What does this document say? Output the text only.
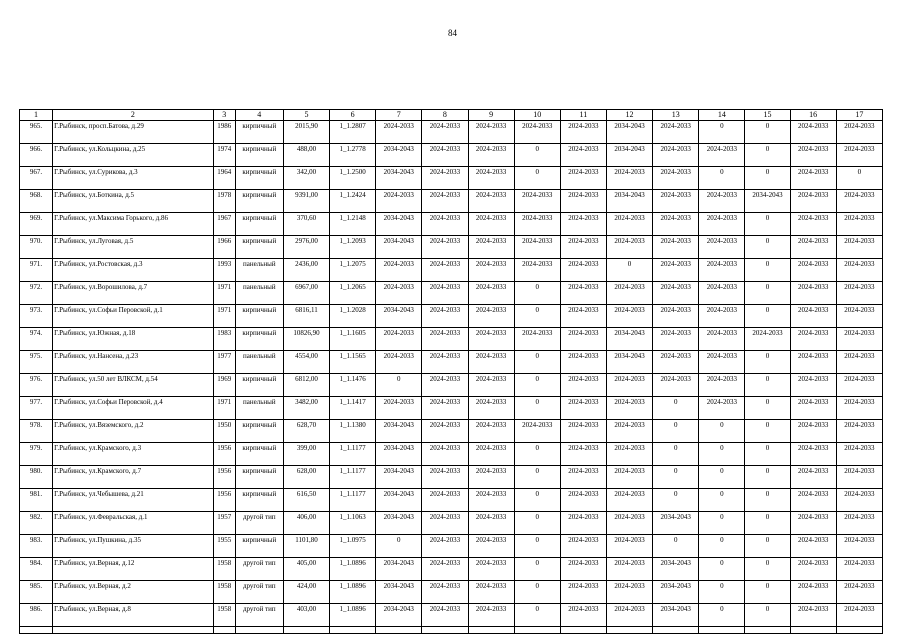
84
1	2	3	4	5	6	7	8	9	10	11	12	13	14	15	16	17
965.	Г.Рыбинск, просп.Батова, д.29	1986	кирпичный	2015,90	1_1.2807	2024-2033	2024-2033	2024-2033	2024-2033	2024-2033	2034-2043	2024-2033	0	0	2024-2033	2024-2033
966.	Г.Рыбинск, ул.Кольцкина, д.25	1974	кирпичный	488,00	1_1.2778	2034-2043	2024-2033	2024-2033	0	2024-2033	2034-2043	2024-2033	2024-2033	0	2024-2033	2024-2033
967.	Г.Рыбинск, ул.Сурикова, д.3	1964	кирпичный	342,00	1_1.2500	2034-2043	2024-2033	2024-2033	0	2024-2033	2024-2033	2024-2033	0	0	2024-2033	0
968.	Г.Рыбинск, ул.Боткина, д.5	1978	кирпичный	9391,00	1_1.2424	2024-2033	2024-2033	2024-2033	2024-2033	2024-2033	2034-2043	2024-2033	2024-2033	2034-2043	2024-2033	2024-2033
969.	Г.Рыбинск, ул.Максима Горького, д.86	1967	кирпичный	370,60	1_1.2148	2034-2043	2024-2033	2024-2033	2024-2033	2024-2033	2024-2033	2024-2033	2024-2033	0	2024-2033	2024-2033
970.	Г.Рыбинск, ул.Луговая, д.5	1966	кирпичный	2976,00	1_1.2093	2034-2043	2024-2033	2024-2033	2024-2033	2024-2033	2024-2033	2024-2033	2024-2033	0	2024-2033	2024-2033
971.	Г.Рыбинск, ул.Ростовская, д.3	1993	панельный	2436,00	1_1.2075	2024-2033	2024-2033	2024-2033	2024-2033	2024-2033	0	2024-2033	2024-2033	0	2024-2033	2024-2033
972.	Г.Рыбинск, ул.Ворошилова, д.7	1971	панельный	6967,00	1_1.2065	2024-2033	2024-2033	2024-2033	0	2024-2033	2024-2033	2024-2033	2024-2033	0	2024-2033	2024-2033
973.	Г.Рыбинск, ул.Софьи Перовской, д.1	1971	кирпичный	6816,11	1_1.2028	2034-2043	2024-2033	2024-2033	0	2024-2033	2024-2033	2024-2033	2024-2033	0	2024-2033	2024-2033
974.	Г.Рыбинск, ул.Южная, д.18	1983	кирпичный	10826,90	1_1.1605	2024-2033	2024-2033	2024-2033	2024-2033	2024-2033	2034-2043	2024-2033	2024-2033	2024-2033	2024-2033	2024-2033
975.	Г.Рыбинск, ул.Нансена, д.23	1977	панельный	4554,00	1_1.1565	2024-2033	2024-2033	2024-2033	0	2024-2033	2034-2043	2024-2033	2024-2033	0	2024-2033	2024-2033
976.	Г.Рыбинск, ул.50 лет ВЛКСМ, д.54	1969	кирпичный	6812,00	1_1.1476	0	2024-2033	2024-2033	0	2024-2033	2024-2033	2024-2033	2024-2033	0	2024-2033	2024-2033
977.	Г.Рыбинск, ул.Софьи Перовской, д.4	1971	панельный	3482,00	1_1.1417	2024-2033	2024-2033	2024-2033	0	2024-2033	2024-2033	0	2024-2033	0	2024-2033	2024-2033
978.	Г.Рыбинск, ул.Вяземского, д.2	1950	кирпичный	628,70	1_1.1380	2034-2043	2024-2033	2024-2033	2024-2033	2024-2033	2024-2033	0	0	0	2024-2033	2024-2033
979.	Г.Рыбинск, ул.Крамского, д.3	1956	кирпичный	399,00	1_1.1177	2034-2043	2024-2033	2024-2033	0	2024-2033	2024-2033	0	0	0	2024-2033	2024-2033
980.	Г.Рыбинск, ул.Крамского, д.7	1956	кирпичный	628,00	1_1.1177	2034-2043	2024-2033	2024-2033	0	2024-2033	2024-2033	0	0	0	2024-2033	2024-2033
981.	Г.Рыбинск, ул.Чебышева, д.21	1956	кирпичный	616,50	1_1.1177	2034-2043	2024-2033	2024-2033	0	2024-2033	2024-2033	0	0	0	2024-2033	2024-2033
982.	Г.Рыбинск, ул.Февральская, д.1	1957	другой тип	406,00	1_1.1063	2034-2043	2024-2033	2024-2033	0	2024-2033	2024-2033	2034-2043	0	0	2024-2033	2024-2033
983.	Г.Рыбинск, ул.Пушкина, д.35	1955	кирпичный	1101,80	1_1.0975	0	2024-2033	2024-2033	0	2024-2033	2024-2033	0	0	0	2024-2033	2024-2033
984.	Г.Рыбинск, ул.Верная, д.12	1958	другой тип	405,00	1_1.0896	2034-2043	2024-2033	2024-2033	0	2024-2033	2024-2033	2034-2043	0	0	2024-2033	2024-2033
985.	Г.Рыбинск, ул.Верная, д.2	1958	другой тип	424,00	1_1.0896	2034-2043	2024-2033	2024-2033	0	2024-2033	2024-2033	2034-2043	0	0	2024-2033	2024-2033
986.	Г.Рыбинск, ул.Верная, д.8	1958	другой тип	403,00	1_1.0896	2034-2043	2024-2033	2024-2033	0	2024-2033	2024-2033	2034-2043	0	0	2024-2033	2024-2033
